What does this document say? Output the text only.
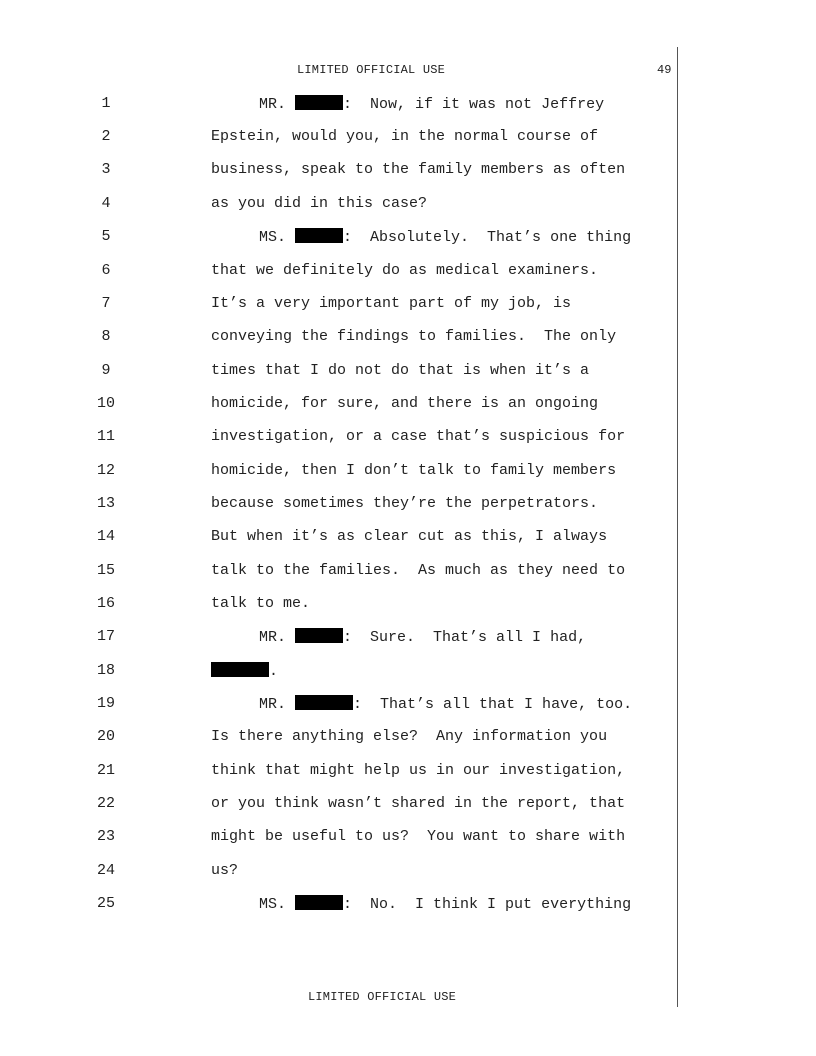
LIMITED OFFICIAL USE	49
1
2
3
4
5
6
7
8
9
10
11
12
13
14
15
16
17
18
19
20
21
22
23
24
25
MR.	:  Now, if it was not Jeffrey
Epstein, would you, in the normal course of
business, speak to the family members as often
as you did in this case?
MS.	:  Absolutely.  That’s one thing
that we definitely do as medical examiners.
It’s a very important part of my job, is
conveying the findings to families.  The only
times that I do not do that is when it’s a
homicide, for sure, and there is an ongoing
investigation, or a case that’s suspicious for
homicide, then I don’t talk to family members
because sometimes they’re the perpetrators.
But when it’s as clear cut as this, I always
talk to the families.  As much as they need to
talk to me.
MR.	:  Sure.  That’s all I had,
.
MR.	:  That’s all that I have, too.
Is there anything else?  Any information you
think that might help us in our investigation,
or you think wasn’t shared in the report, that
might be useful to us?  You want to share with
us?
MS.	:  No.  I think I put everything
LIMITED OFFICIAL USE
